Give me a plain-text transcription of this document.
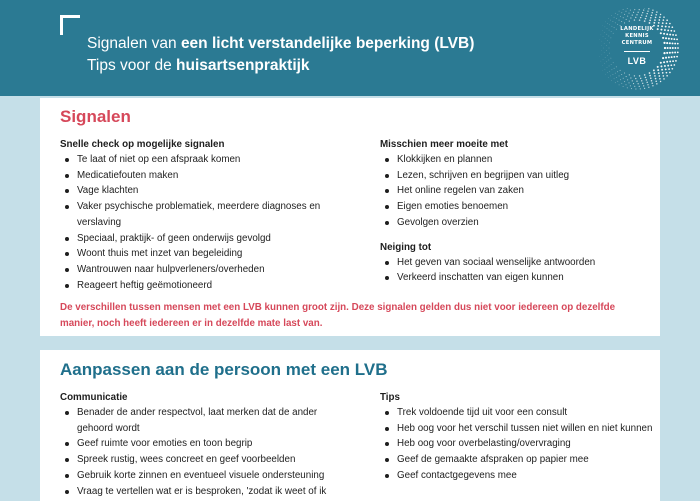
Signalen van een licht verstandelijke beperking (LVB)
Tips voor de huisartsenpraktijk
LANDELIJK
KENNIS
CENTRUM
LVB
Signalen
Snelle check op mogelijke signalen
Te laat of niet op een afspraak komen
Medicatiefouten maken
Vage klachten
Vaker psychische problematiek, meerdere diagnoses en verslaving
Speciaal, praktijk- of geen onderwijs gevolgd
Woont thuis met inzet van begeleiding
Wantrouwen naar hulpverleners/overheden
Reageert heftig geëmotioneerd
Misschien meer moeite met
Klokkijken en plannen
Lezen, schrijven en begrijpen van uitleg
Het online regelen van zaken
Eigen emoties benoemen
Gevolgen overzien
Neiging tot
Het geven van sociaal wenselijke antwoorden
Verkeerd inschatten van eigen kunnen
De verschillen tussen mensen met een LVB kunnen groot zijn. Deze signalen gelden dus niet voor iedereen op dezelfde manier, noch heeft iedereen er in dezelfde mate last van.
Aanpassen aan de persoon met een LVB
Communicatie
Benader de ander respectvol, laat merken dat de ander gehoord wordt
Geef ruimte voor emoties en toon begrip
Spreek rustig, wees concreet en geef voorbeelden
Gebruik korte zinnen en eventueel visuele ondersteuning
Vraag te vertellen wat er is besproken, 'zodat ik weet of ik
Tips
Trek voldoende tijd uit voor een consult
Heb oog voor het verschil tussen niet willen en niet kunnen
Heb oog voor overbelasting/overvraging
Geef de gemaakte afspraken op papier mee
Geef contactgegevens mee
